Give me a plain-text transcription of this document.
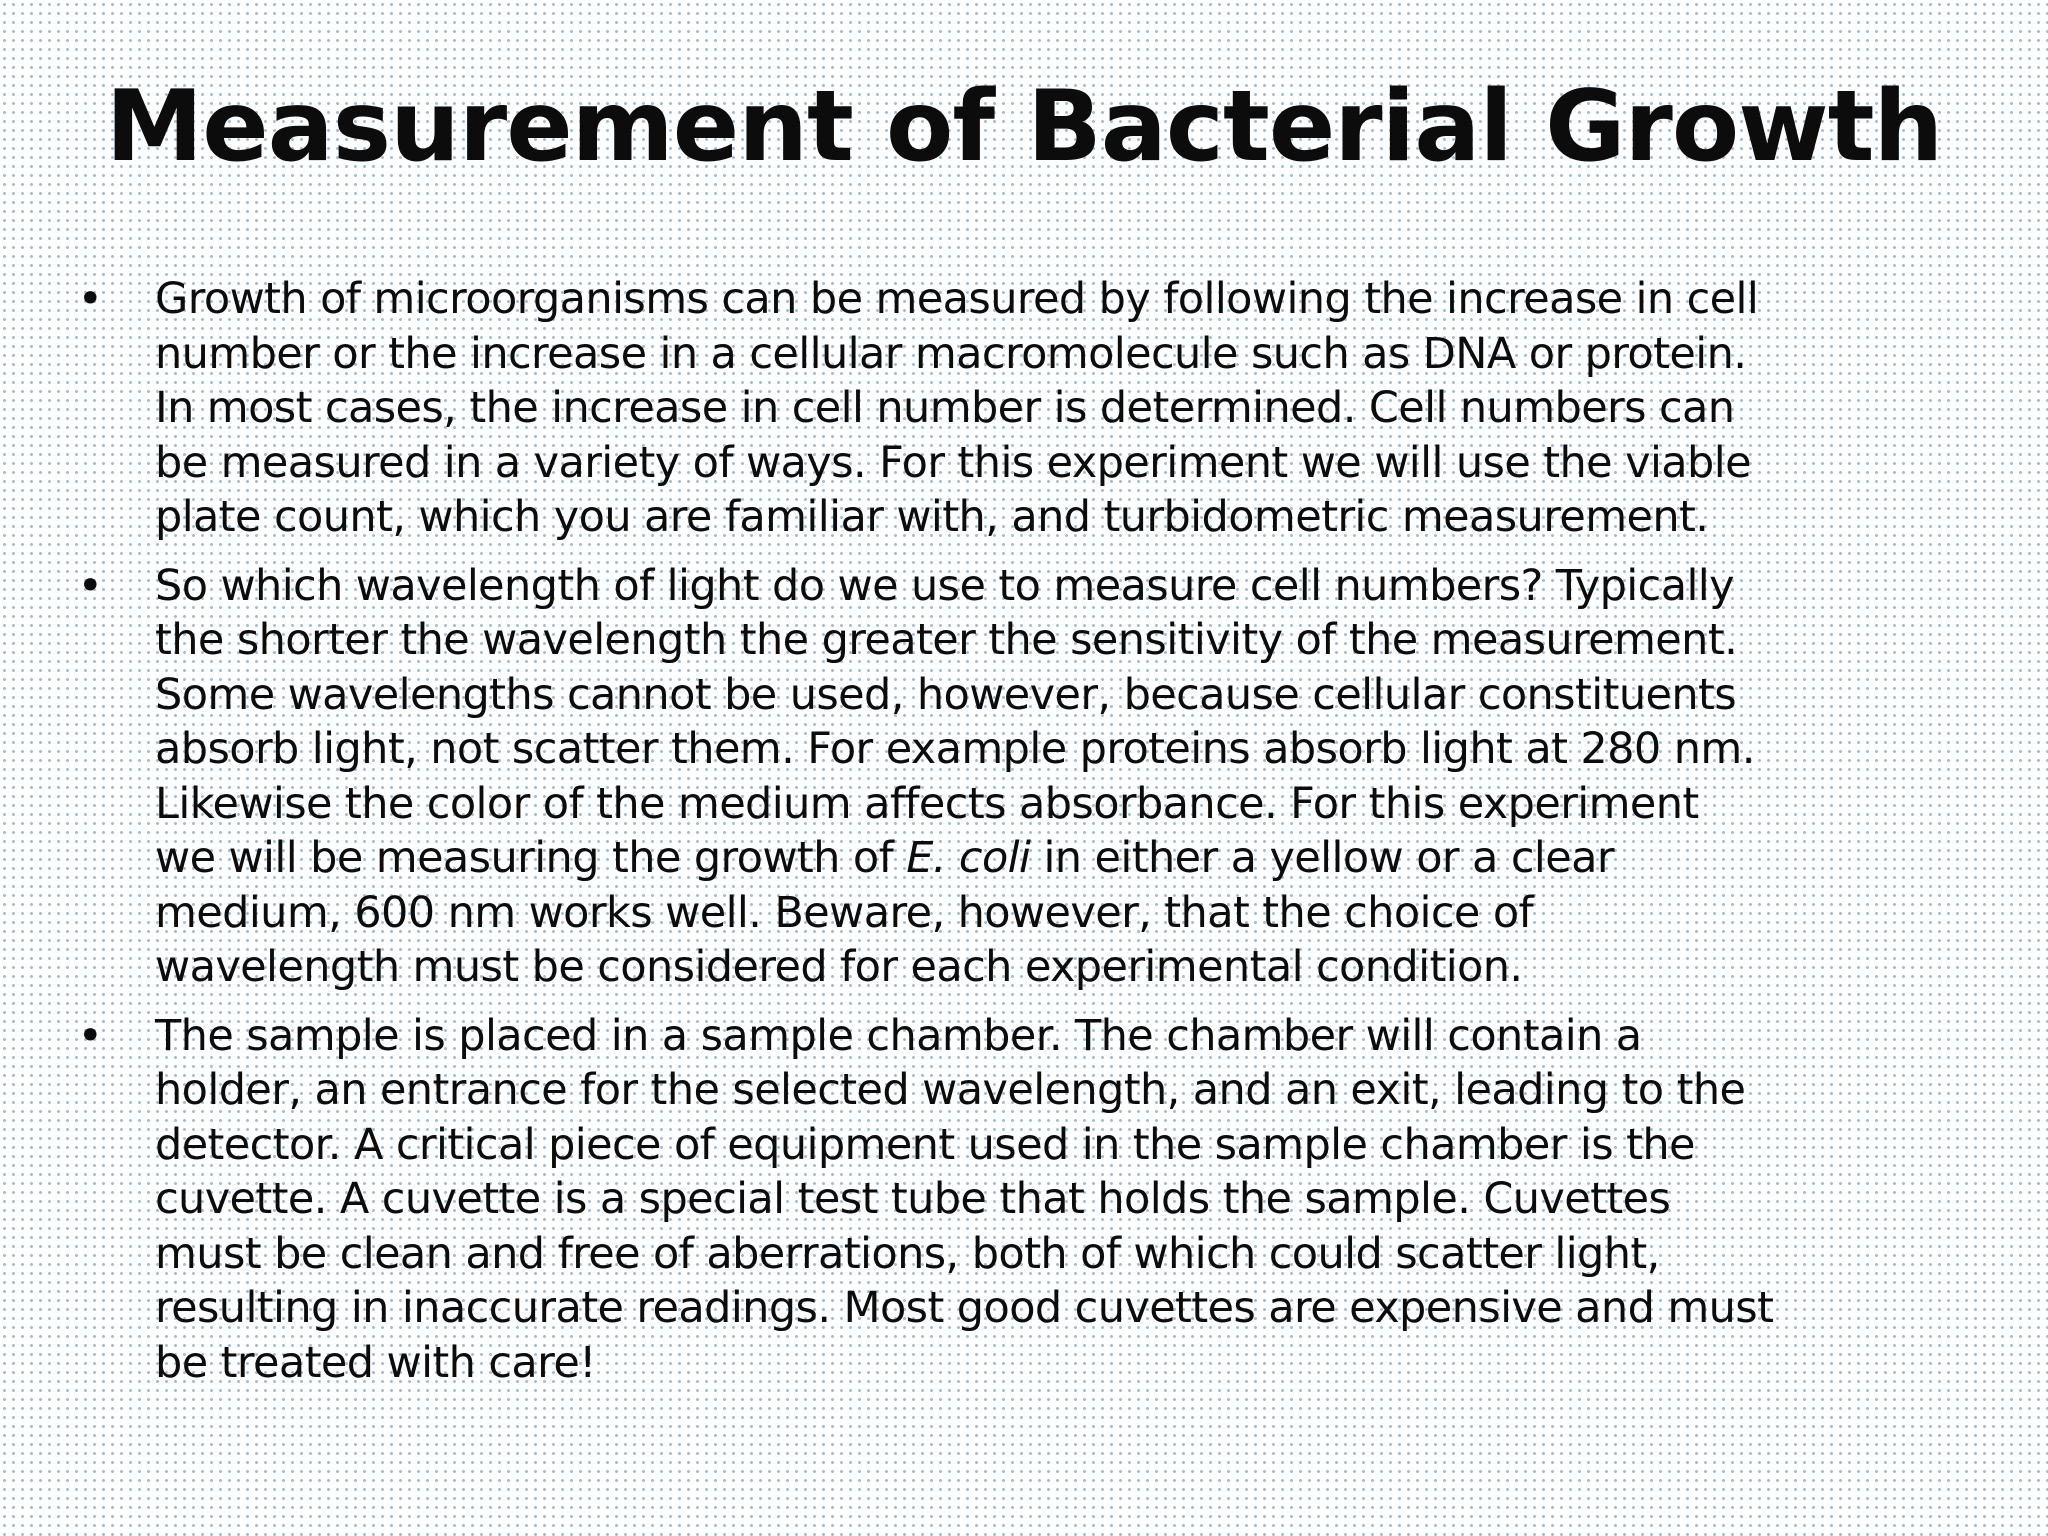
Measurement of Bacterial Growth
• Growth of microorganisms can be measured by following the increase in cell
number or the increase in a cellular macromolecule such as DNA or protein.
In most cases, the increase in cell number is determined. Cell numbers can
be measured in a variety of ways. For this experiment we will use the viable
plate count, which you are familiar with, and turbidometric measurement.
• So which wavelength of light do we use to measure cell numbers? Typically
the shorter the wavelength the greater the sensitivity of the measurement.
Some wavelengths cannot be used, however, because cellular constituents
absorb light, not scatter them. For example proteins absorb light at 280 nm.
Likewise the color of the medium affects absorbance. For this experiment
we will be measuring the growth of E. coli in either a yellow or a clear
medium, 600 nm works well. Beware, however, that the choice of
wavelength must be considered for each experimental condition.
• The sample is placed in a sample chamber. The chamber will contain a
holder, an entrance for the selected wavelength, and an exit, leading to the
detector. A critical piece of equipment used in the sample chamber is the
cuvette. A cuvette is a special test tube that holds the sample. Cuvettes
must be clean and free of aberrations, both of which could scatter light,
resulting in inaccurate readings. Most good cuvettes are expensive and must
be treated with care!
